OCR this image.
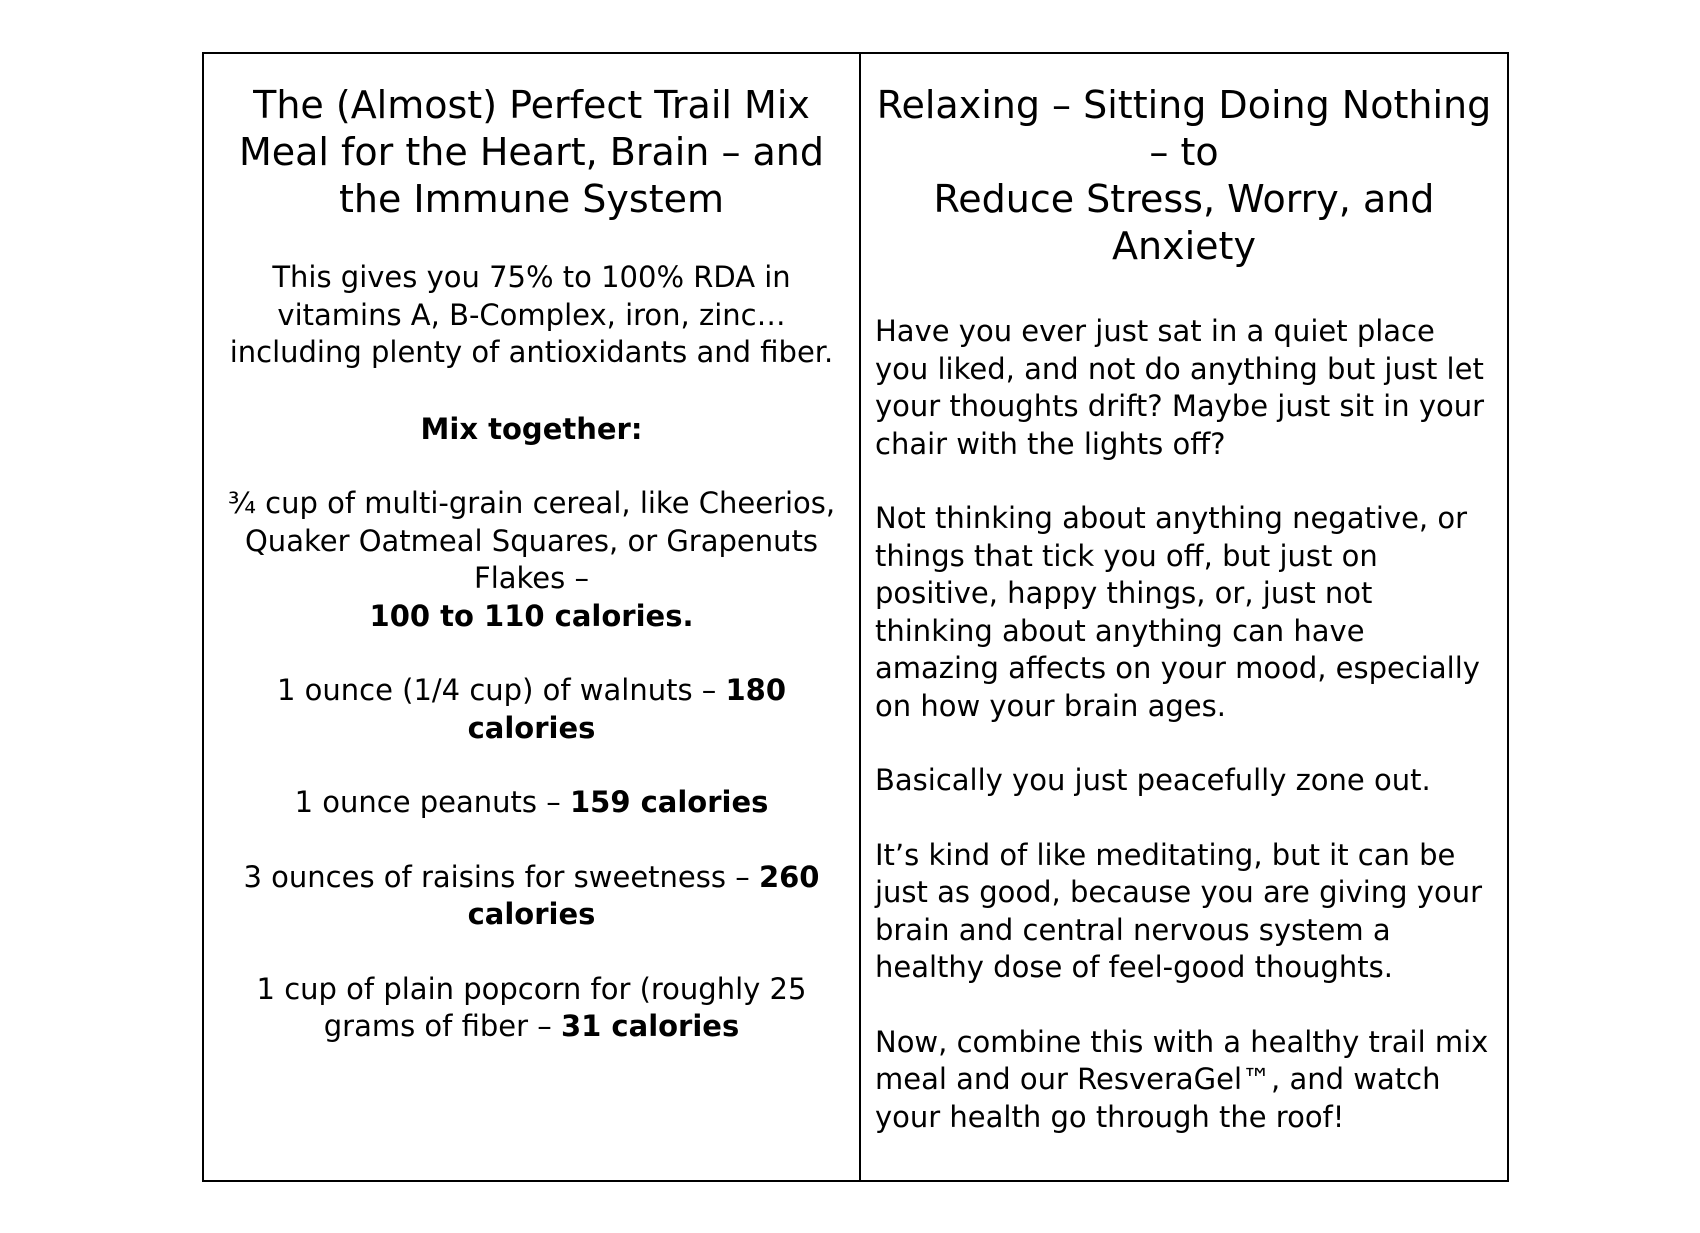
The (Almost) Perfect Trail Mix Meal for the Heart, Brain – and the Immune System

This gives you 75% to 100% RDA in vitamins A, B-Complex, iron, zinc…including plenty of antioxidants and fiber.

Mix together:

¾ cup of multi-grain cereal, like Cheerios,
Quaker Oatmeal Squares, or Grapenuts Flakes –
100 to 110 calories.

1 ounce (1/4 cup) of walnuts – 180 calories

1 ounce peanuts – 159 calories

3 ounces of raisins for sweetness – 260 calories

1 cup of plain popcorn for (roughly 25 grams of fiber – 31 calories

Relaxing – Sitting Doing Nothing – to
Reduce Stress, Worry, and Anxiety

Have you ever just sat in a quiet place you liked, and not do anything but just let your thoughts drift? Maybe just sit in your chair with the lights off?

Not thinking about anything negative, or things that tick you off, but just on positive, happy things, or, just not thinking about anything can have amazing affects on your mood, especially on how your brain ages.

Basically you just peacefully zone out.

It’s kind of like meditating, but it can be just as good, because you are giving your brain and central nervous system a healthy dose of feel-good thoughts.

Now, combine this with a healthy trail mix meal and our ResveraGel™, and watch your health go through the roof!
